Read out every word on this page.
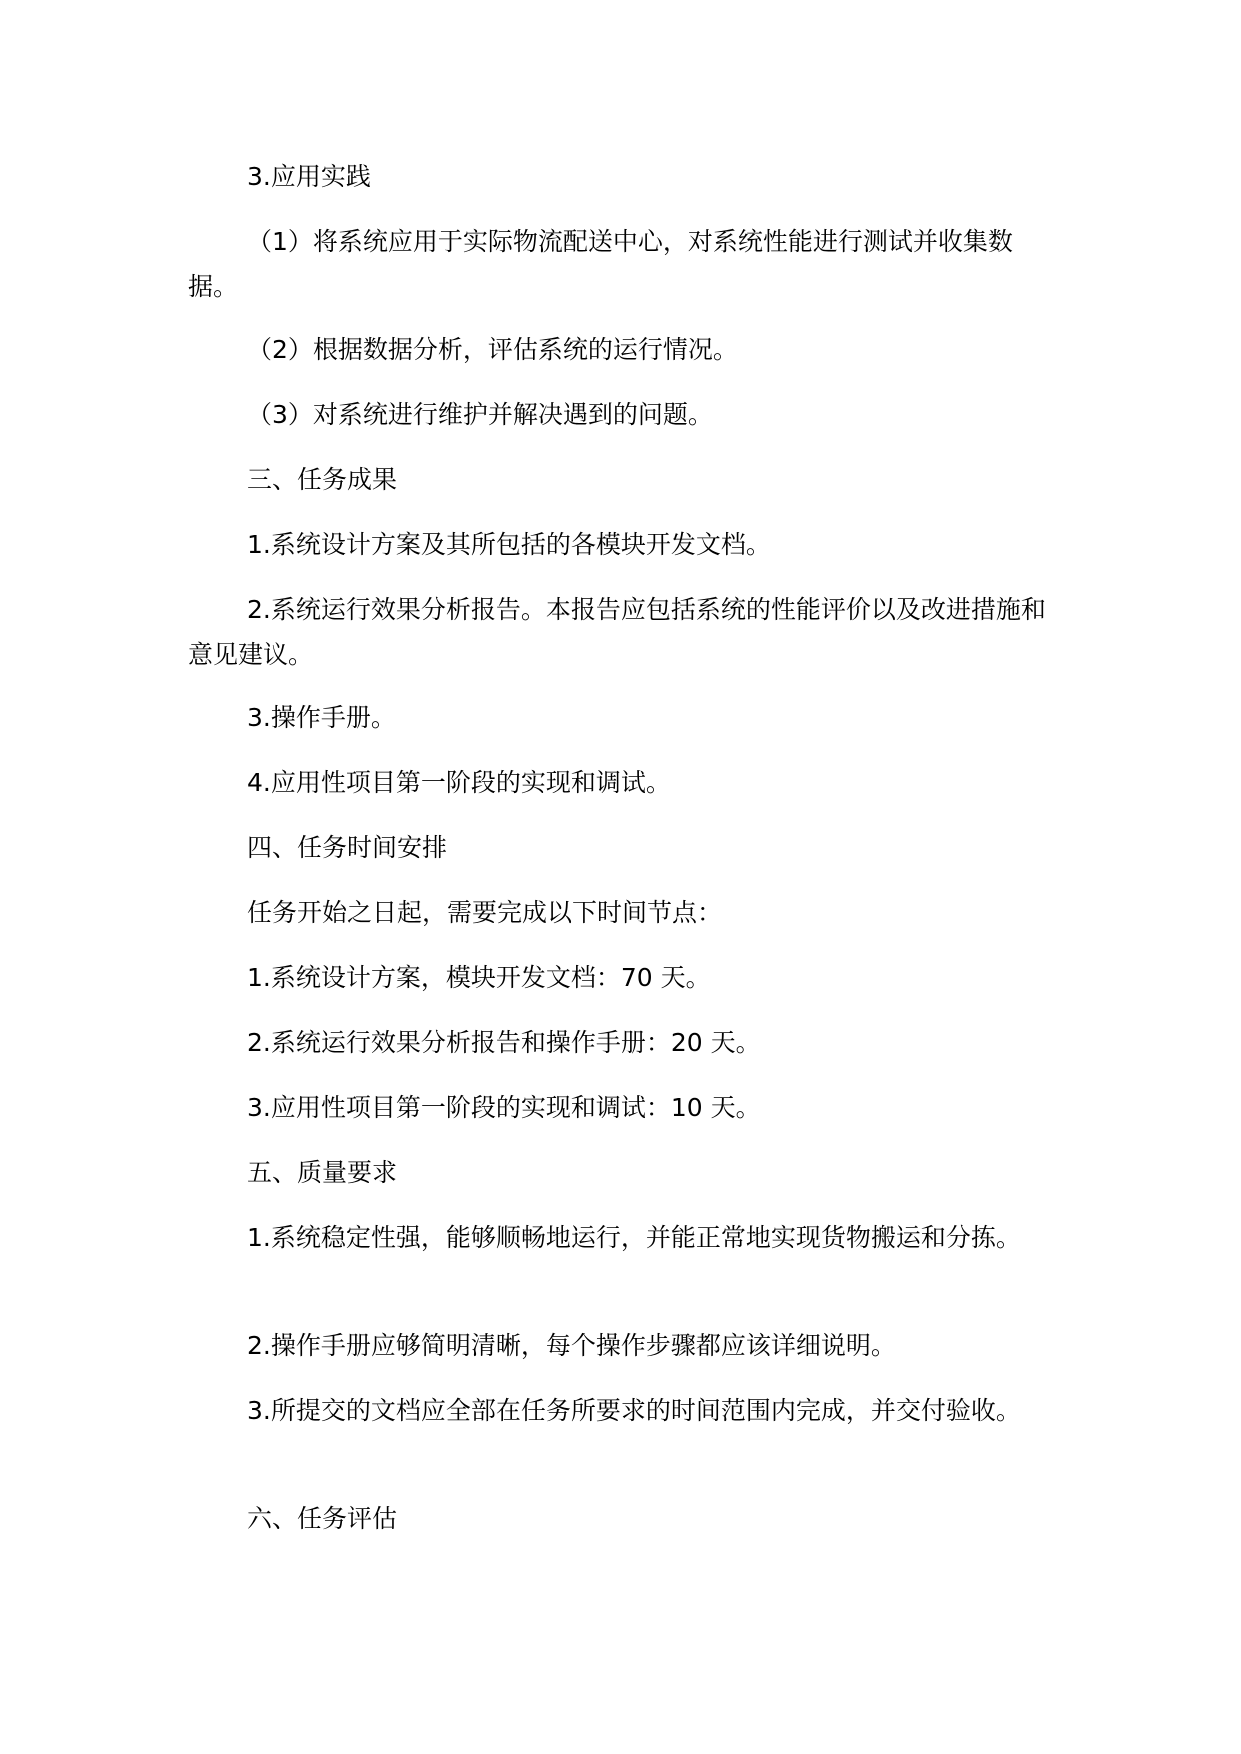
3.应用实践

（1）将系统应用于实际物流配送中心，对系统性能进行测试并收集数据。

（2）根据数据分析，评估系统的运行情况。

（3）对系统进行维护并解决遇到的问题。

三、任务成果

1.系统设计方案及其所包括的各模块开发文档。

2.系统运行效果分析报告。本报告应包括系统的性能评价以及改进措施和意见建议。

3.操作手册。

4.应用性项目第一阶段的实现和调试。

四、任务时间安排

任务开始之日起，需要完成以下时间节点：

1.系统设计方案，模块开发文档：70 天。

2.系统运行效果分析报告和操作手册：20 天。

3.应用性项目第一阶段的实现和调试：10 天。

五、质量要求

1.系统稳定性强，能够顺畅地运行，并能正常地实现货物搬运和分拣。

2.操作手册应够简明清晰，每个操作步骤都应该详细说明。

3.所提交的文档应全部在任务所要求的时间范围内完成，并交付验收。

六、任务评估
